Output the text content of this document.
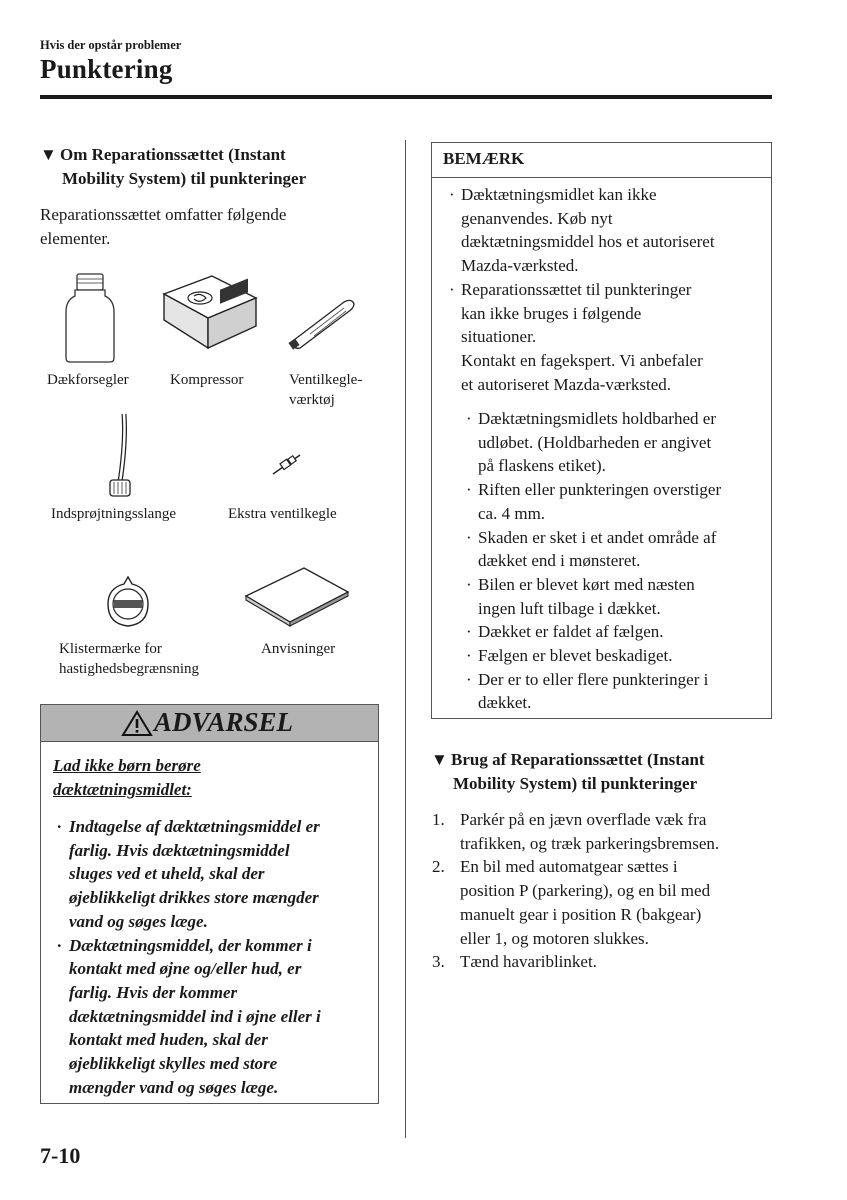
Hvis der opstår problemer
Punktering
▼ Om Reparationssættet (Instant
Mobility System) til punkteringer
Reparationssættet omfatter følgende
elementer.
Dækforsegler	Kompressor	Ventilkegle-
værktøj
Indsprøjtningsslange	Ekstra ventilkegle
Klistermærke for
hastighedsbegrænsning
Anvisninger
ADVARSEL
Lad ikke børn berøre
dæktætningsmidlet:
· Indtagelse af dæktætningsmiddel er
farlig. Hvis dæktætningsmiddel
sluges ved et uheld, skal der
øjeblikkeligt drikkes store mængder
vand og søges læge.
· Dæktætningsmiddel, der kommer i
kontakt med øjne og/eller hud, er
farlig. Hvis der kommer
dæktætningsmiddel ind i øjne eller i
kontakt med huden, skal der
øjeblikkeligt skylles med store
mængder vand og søges læge.
BEMÆRK
· Dæktætningsmidlet kan ikke
genanvendes. Køb nyt
dæktætningsmiddel hos et autoriseret
Mazda-værksted.
· Reparationssættet til punkteringer
kan ikke bruges i følgende
situationer.
Kontakt en fagekspert. Vi anbefaler
et autoriseret Mazda-værksted.
· Dæktætningsmidlets holdbarhed er
udløbet. (Holdbarheden er angivet
på flaskens etiket).
· Riften eller punkteringen overstiger
ca. 4 mm.
· Skaden er sket i et andet område af
dækket end i mønsteret.
· Bilen er blevet kørt med næsten
ingen luft tilbage i dækket.
· Dækket er faldet af fælgen.
· Fælgen er blevet beskadiget.
· Der er to eller flere punkteringer i
dækket.
▼ Brug af Reparationssættet (Instant
Mobility System) til punkteringer
1. Parkér på en jævn overflade væk fra
trafikken, og træk parkeringsbremsen.
2. En bil med automatgear sættes i
position P (parkering), og en bil med
manuelt gear i position R (bakgear)
eller 1, og motoren slukkes.
3. Tænd havariblinket.
7-10
